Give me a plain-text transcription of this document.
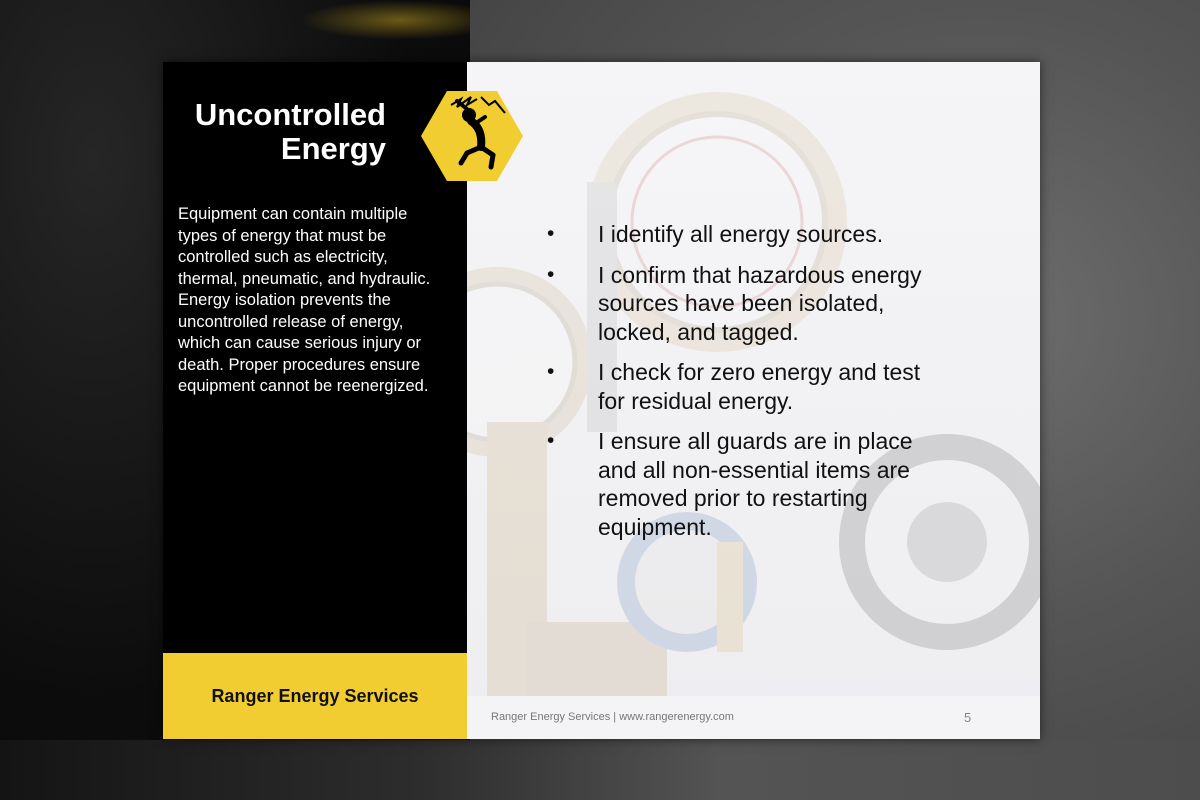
Uncontrolled
Energy

Equipment can contain multiple types of energy that must be controlled such as electricity, thermal, pneumatic, and hydraulic. Energy isolation prevents the uncontrolled release of energy, which can cause serious injury or death. Proper procedures ensure equipment cannot be reenergized.

Ranger Energy Services
• I identify all energy sources.
• I confirm that hazardous energy sources have been isolated, locked, and tagged.
• I check for zero energy and test for residual energy.
• I ensure all guards are in place and all non-essential items are removed prior to restarting equipment.
Ranger Energy Services | www.rangerenergy.com	5
